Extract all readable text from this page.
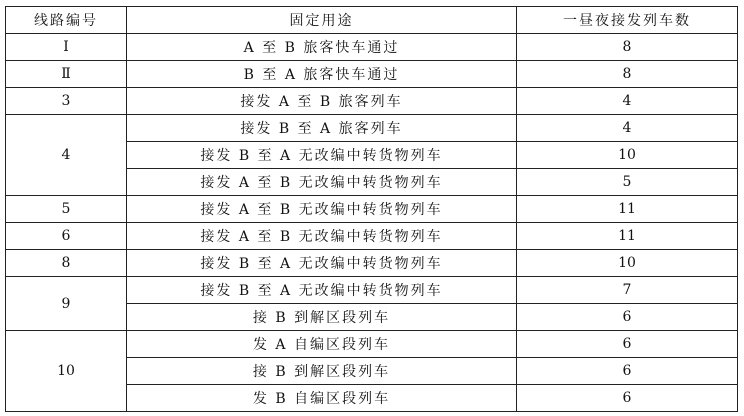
线路编号	固定用途	一昼夜接发列车数
Ⅰ	A 至 B 旅客快车通过	8
Ⅱ	B 至 A 旅客快车通过	8
3	接发 A 至 B 旅客列车	4
4	接发 B 至 A 旅客列车	4
	接发 B 至 A 无改编中转货物列车	10
	接发 A 至 B 无改编中转货物列车	5
5	接发 A 至 B 无改编中转货物列车	11
6	接发 A 至 B 无改编中转货物列车	11
8	接发 B 至 A 无改编中转货物列车	10
9	接发 B 至 A 无改编中转货物列车	7
	接 B 到解区段列车	6
10	发 A 自编区段列车	6
	接 B 到解区段列车	6
	发 B 自编区段列车	6
